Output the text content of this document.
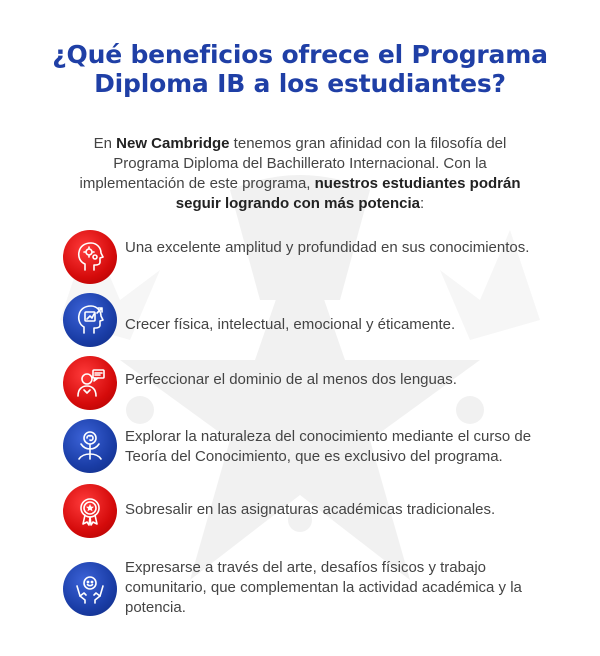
¿Qué beneficios ofrece el Programa
Diploma IB a los estudiantes?

En New Cambridge tenemos gran afinidad con la filosofía del Programa Diploma del Bachillerato Internacional. Con la implementación de este programa, nuestros estudiantes podrán seguir logrando con más potencia:

Una excelente amplitud y profundidad en sus conocimientos.
Crecer física, intelectual, emocional y éticamente.
Perfeccionar el dominio de al menos dos lenguas.
Explorar la naturaleza del conocimiento mediante el curso de Teoría del Conocimiento, que es exclusivo del programa.
Sobresalir en las asignaturas académicas tradicionales.
Expresarse a través del arte, desafíos físicos y trabajo comunitario, que complementan la actividad académica y la potencia.
